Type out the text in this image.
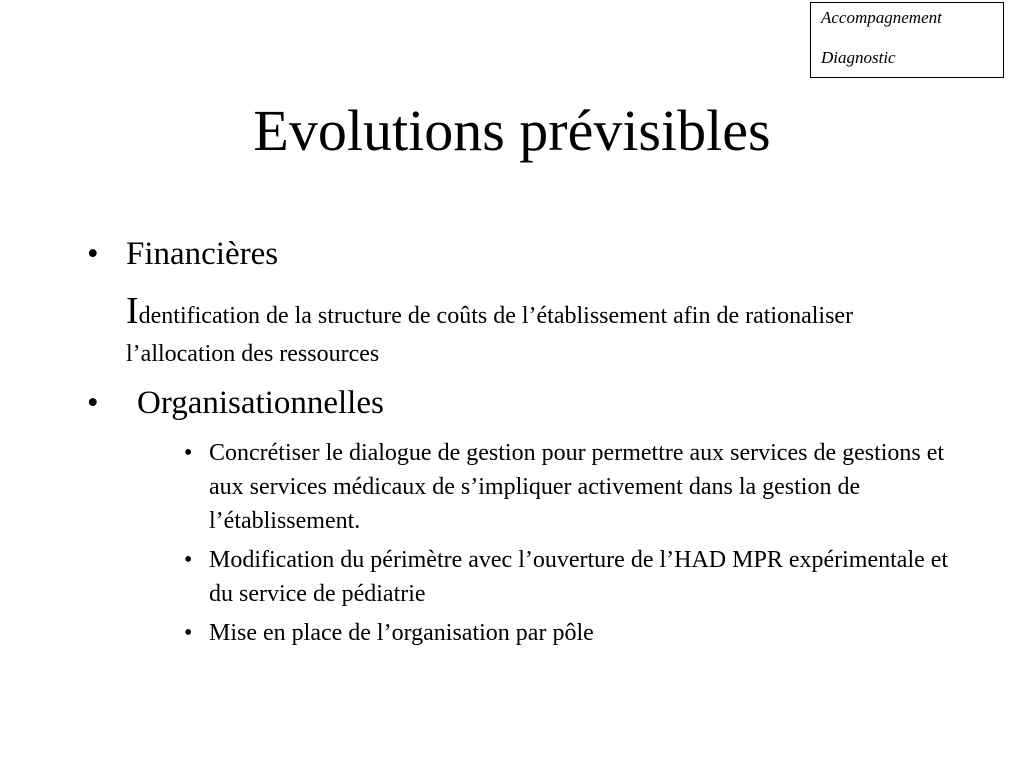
Accompagnement
Diagnostic
Evolutions prévisibles
• Financières
Identification de la structure de coûts de l’établissement afin de rationaliser l’allocation des ressources
• Organisationnelles
• Concrétiser le dialogue de gestion pour permettre aux services de gestions et aux services médicaux de s’impliquer activement dans la gestion de l’établissement.
• Modification du périmètre avec l’ouverture de l’HAD MPR expérimentale et du service de pédiatrie
• Mise en place de l’organisation par pôle
